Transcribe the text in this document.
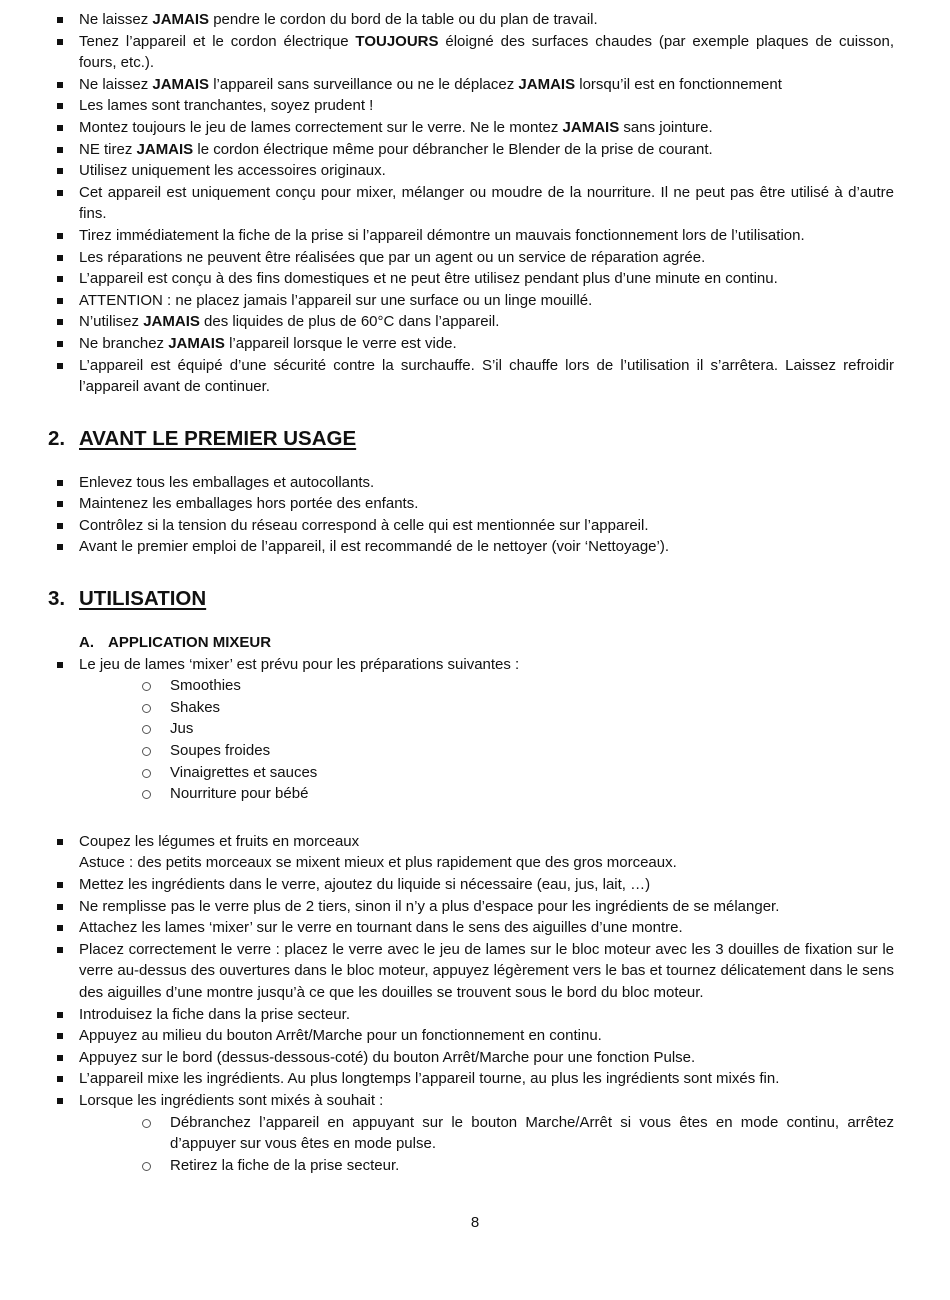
Ne laissez JAMAIS pendre le cordon du bord de la table ou du plan de travail.
Tenez l’appareil et le cordon électrique TOUJOURS éloigné des surfaces chaudes (par exemple plaques de cuisson, fours, etc.).
Ne laissez JAMAIS l’appareil sans surveillance ou ne le déplacez JAMAIS lorsqu’il est en fonctionnement
Les lames sont tranchantes, soyez prudent !
Montez toujours le jeu de lames correctement sur le verre. Ne le montez JAMAIS sans jointure.
NE tirez JAMAIS le cordon électrique même pour débrancher le Blender de la prise de courant.
Utilisez uniquement les accessoires originaux.
Cet appareil est uniquement conçu pour mixer, mélanger ou moudre de la nourriture. Il ne peut pas être utilisé à d’autre fins.
Tirez immédiatement la fiche de la prise si l’appareil démontre un mauvais fonctionnement lors de l’utilisation.
Les réparations ne peuvent être réalisées que par un agent ou un service de réparation agrée.
L’appareil est conçu à des fins domestiques et ne peut être utilisez pendant plus d’une minute en continu.
ATTENTION : ne placez jamais l’appareil sur une surface ou un linge mouillé.
N’utilisez JAMAIS des liquides de plus de 60°C dans l’appareil.
Ne branchez JAMAIS l’appareil lorsque le verre est vide.
L’appareil est équipé d’une sécurité contre la surchauffe. S’il chauffe lors de l’utilisation il s’arrêtera. Laissez refroidir l’appareil avant de continuer.
2. AVANT LE PREMIER USAGE
Enlevez tous les emballages et autocollants.
Maintenez les emballages hors portée des enfants.
Contrôlez si la tension du réseau correspond à celle qui est mentionnée sur l’appareil.
Avant le premier emploi de l’appareil, il est recommandé de le nettoyer (voir ‘Nettoyage’).
3. UTILISATION
A. APPLICATION MIXEUR
Le jeu de lames ‘mixer’ est prévu pour les préparations suivantes :
Smoothies
Shakes
Jus
Soupes froides
Vinaigrettes et sauces
Nourriture pour bébé
Coupez les légumes et fruits en morceaux
Astuce : des petits morceaux se mixent mieux et plus rapidement que des gros morceaux.
Mettez les ingrédients dans le verre, ajoutez du liquide si nécessaire (eau, jus, lait, …)
Ne remplisse pas le verre plus de 2 tiers, sinon il n’y a plus d’espace pour les ingrédients de se mélanger.
Attachez les lames ‘mixer’ sur le verre en tournant dans le sens des aiguilles d’une montre.
Placez correctement le verre : placez le verre avec le jeu de lames sur le bloc moteur avec les 3 douilles de fixation sur le verre au-dessus des ouvertures dans le bloc moteur, appuyez légèrement vers le bas et tournez délicatement dans le sens des aiguilles d’une montre jusqu’à ce que les douilles se trouvent sous le bord du bloc moteur.
Introduisez la fiche dans la prise secteur.
Appuyez au milieu du bouton Arrêt/Marche pour un fonctionnement en continu.
Appuyez sur le bord (dessus-dessous-coté) du bouton Arrêt/Marche pour une fonction Pulse.
L’appareil mixe les ingrédients. Au plus longtemps l’appareil tourne, au plus les ingrédients sont mixés fin.
Lorsque les ingrédients sont mixés à souhait :
Débranchez l’appareil en appuyant sur le bouton Marche/Arrêt si vous êtes en mode continu, arrêtez d’appuyer sur vous êtes en mode pulse.
Retirez la fiche de la prise secteur.
8
